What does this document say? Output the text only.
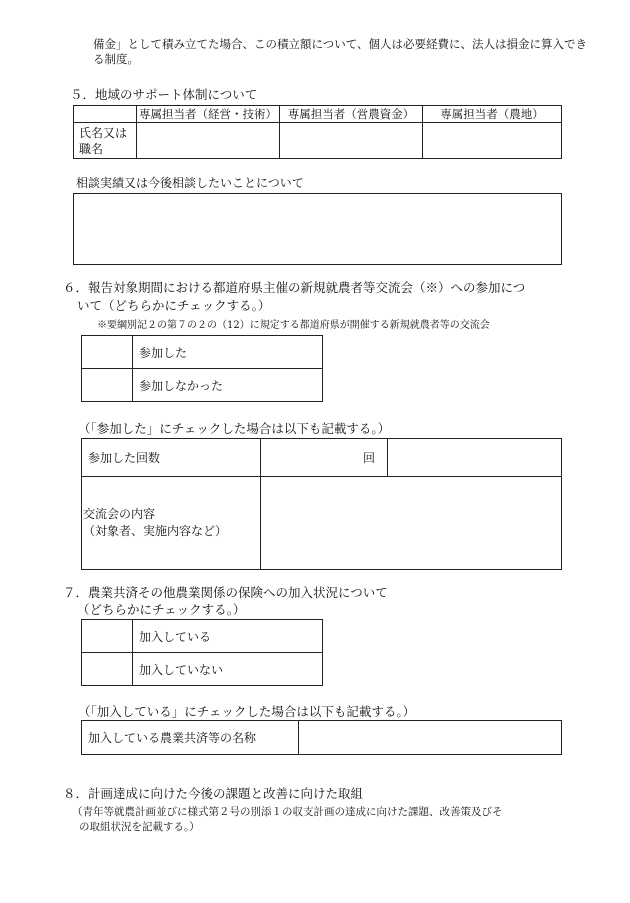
備金」として積み立てた場合、この積立額について、個人は必要経費に、法人は損金に算入でき
る制度。
５．地域のサポート体制について
	専属担当者（経営・技術）	専属担当者（営農資金）	専属担当者（農地）

氏名又は
職名			

相談実績又は今後相談したいことについて
６．報告対象期間における都道府県主催の新規就農者等交流会（※）への参加につ
いて（どちらかにチェックする。）
※要綱別記２の第７の２の（12）に規定する都道府県が開催する新規就農者等の交流会
	参加した
	参加しなかった
（「参加した」にチェックした場合は以下も記載する。）
参加した回数	回	

交流会の内容
（対象者、実施内容など）		

７．農業共済その他農業関係の保険への加入状況について
（どちらかにチェックする。）
	加入している
	加入していない
（「加入している」にチェックした場合は以下も記載する。）
加入している農業共済等の名称	
８．計画達成に向けた今後の課題と改善に向けた取組
（青年等就農計画並びに様式第２号の別添１の収支計画の達成に向けた課題、改善策及びそ
の取組状況を記載する。）
